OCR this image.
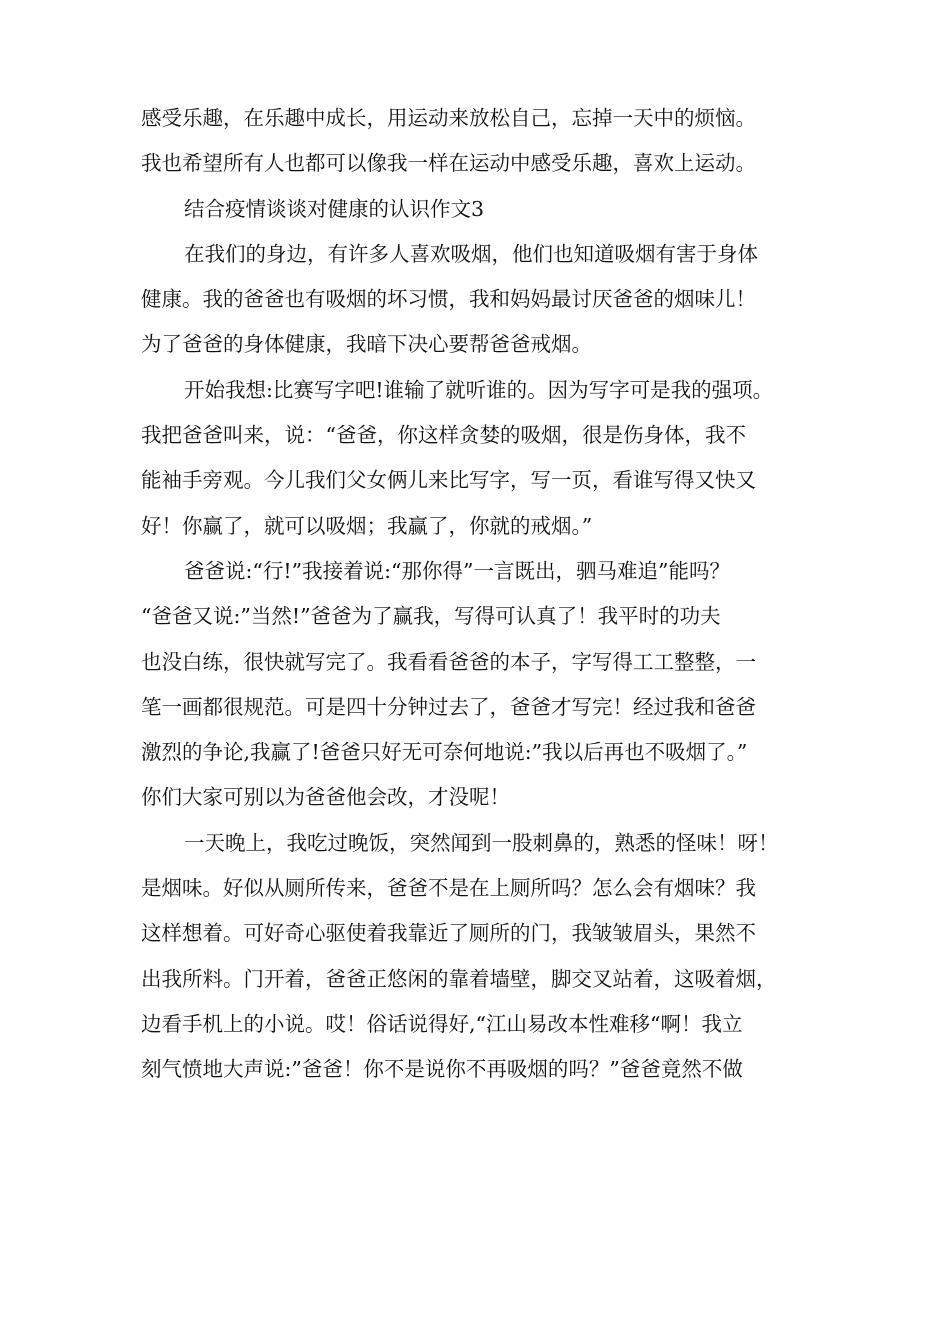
感受乐趣，在乐趣中成长，用运动来放松自己，忘掉一天中的烦恼。
我也希望所有人也都可以像我一样在运动中感受乐趣，喜欢上运动。
结合疫情谈谈对健康的认识作文3
在我们的身边，有许多人喜欢吸烟，他们也知道吸烟有害于身体
健康。我的爸爸也有吸烟的坏习惯，我和妈妈最讨厌爸爸的烟味儿！
为了爸爸的身体健康，我暗下决心要帮爸爸戒烟。
开始我想:比赛写字吧!谁输了就听谁的。因为写字可是我的强项。
我把爸爸叫来，说：“爸爸，你这样贪婪的吸烟，很是伤身体，我不
能袖手旁观。今儿我们父女俩儿来比写字，写一页，看谁写得又快又
好！你赢了，就可以吸烟；我赢了，你就的戒烟。”
爸爸说:“行!”我接着说:“那你得”一言既出，驷马难追”能吗？
“爸爸又说:”当然!”爸爸为了赢我，写得可认真了！我平时的功夫
也没白练，很快就写完了。我看看爸爸的本子，字写得工工整整，一
笔一画都很规范。可是四十分钟过去了，爸爸才写完！经过我和爸爸
激烈的争论,我赢了!爸爸只好无可奈何地说:”我以后再也不吸烟了。”
你们大家可别以为爸爸他会改，才没呢！
一天晚上，我吃过晚饭，突然闻到一股刺鼻的，熟悉的怪味！呀！
是烟味。好似从厕所传来，爸爸不是在上厕所吗？怎么会有烟味？我
这样想着。可好奇心驱使着我靠近了厕所的门，我皱皱眉头，果然不
出我所料。门开着，爸爸正悠闲的靠着墙壁，脚交叉站着，这吸着烟，
边看手机上的小说。哎！俗话说得好,“江山易改本性难移“啊！我立
刻气愤地大声说:”爸爸！你不是说你不再吸烟的吗？”爸爸竟然不做
